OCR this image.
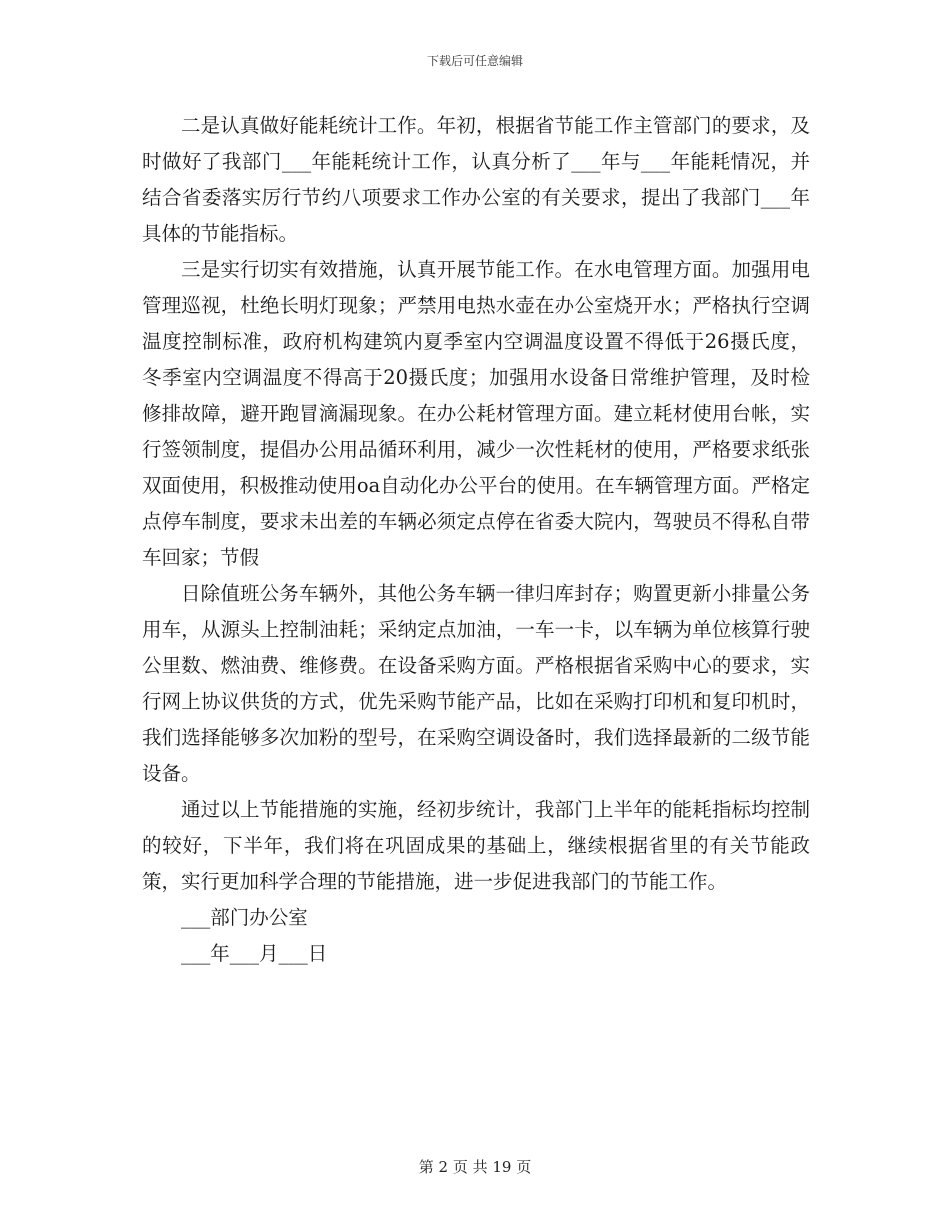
下载后可任意编辑

二是认真做好能耗统计工作。年初，根据省节能工作主管部门的要求，及时做好了我部门___年能耗统计工作，认真分析了___年与___年能耗情况，并结合省委落实厉行节约八项要求工作办公室的有关要求，提出了我部门___年具体的节能指标。

三是实行切实有效措施，认真开展节能工作。在水电管理方面。加强用电管理巡视，杜绝长明灯现象；严禁用电热水壶在办公室烧开水；严格执行空调温度控制标准，政府机构建筑内夏季室内空调温度设置不得低于26摄氏度，冬季室内空调温度不得高于20摄氏度；加强用水设备日常维护管理，及时检修排故障，避开跑冒滴漏现象。在办公耗材管理方面。建立耗材使用台帐，实行签领制度，提倡办公用品循环利用，减少一次性耗材的使用，严格要求纸张双面使用，积极推动使用oa自动化办公平台的使用。在车辆管理方面。严格定点停车制度，要求未出差的车辆必须定点停在省委大院内，驾驶员不得私自带车回家；节假

日除值班公务车辆外，其他公务车辆一律归库封存；购置更新小排量公务用车，从源头上控制油耗；采纳定点加油，一车一卡，以车辆为单位核算行驶公里数、燃油费、维修费。在设备采购方面。严格根据省采购中心的要求，实行网上协议供货的方式，优先采购节能产品，比如在采购打印机和复印机时，我们选择能够多次加粉的型号，在采购空调设备时，我们选择最新的二级节能设备。

通过以上节能措施的实施，经初步统计，我部门上半年的能耗指标均控制的较好，下半年，我们将在巩固成果的基础上，继续根据省里的有关节能政策，实行更加科学合理的节能措施，进一步促进我部门的节能工作。

___部门办公室

___年___月___日

第 2 页 共 19 页
